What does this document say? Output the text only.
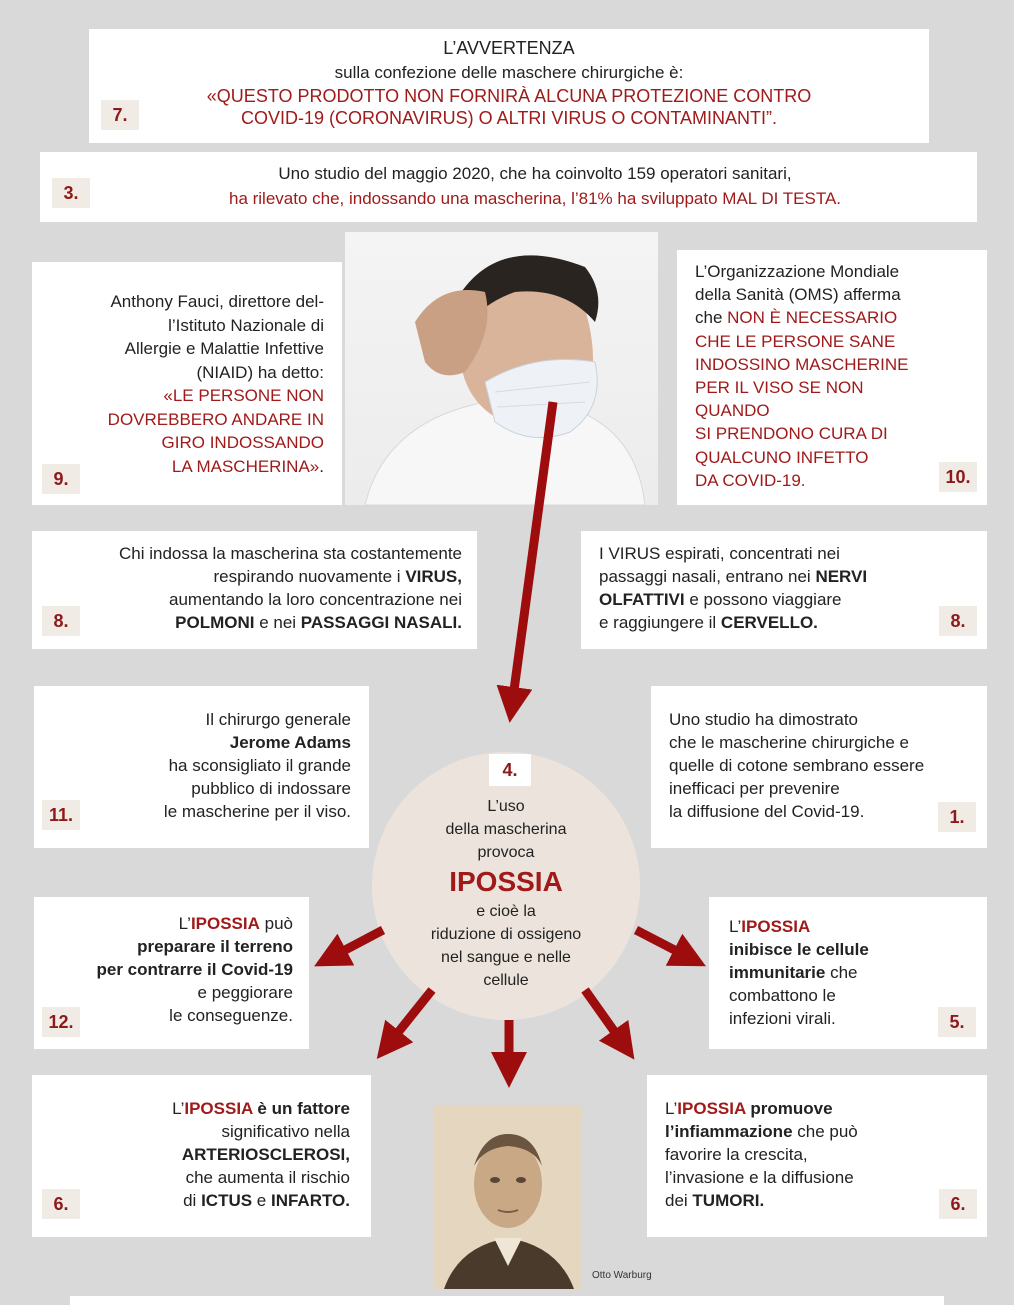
L’AVVERTENZA
sulla confezione delle maschere chirurgiche è:
«QUESTO PRODOTTO NON FORNIRÀ ALCUNA PROTEZIONE CONTRO
COVID-19 (CORONAVIRUS) O ALTRI VIRUS O CONTAMINANTI”.
7.
Uno studio del maggio 2020, che ha coinvolto 159 operatori sanitari,
ha rilevato che, indossando una mascherina, l’81% ha sviluppato MAL DI TESTA.
3.
Anthony Fauci, direttore del-
l’Istituto Nazionale di
Allergie e Malattie Infettive
(NIAID) ha detto:
«LE PERSONE NON
DOVREBBERO ANDARE IN
GIRO INDOSSANDO
LA MASCHERINA».
9.
L’Organizzazione Mondiale
della Sanità (OMS) afferma
che NON È NECESSARIO
CHE LE PERSONE SANE
INDOSSINO MASCHERINE
PER IL VISO SE NON
QUANDO
SI PRENDONO CURA DI
QUALCUNO INFETTO
DA COVID-19.	10.
Chi indossa la mascherina sta costantemente
respirando nuovamente i VIRUS,
aumentando la loro concentrazione nei
POLMONI e nei PASSAGGI NASALI.
8.
I VIRUS espirati, concentrati nei
passaggi nasali, entrano nei NERVI
OLFATTIVI e possono viaggiare
e raggiungere il CERVELLO.	8.
Il chirurgo generale
Jerome Adams
ha sconsigliato il grande
pubblico di indossare
le mascherine per il viso.
11.
Uno studio ha dimostrato
che le mascherine chirurgiche e
quelle di cotone sembrano essere
inefficaci per prevenire
la diffusione del Covid-19.	1.
L’uso
della mascherina
provoca
IPOSSIA
e cioè la
riduzione di ossigeno
nel sangue e nelle
cellule
4.
L’IPOSSIA può
preparare il terreno
per contrarre il Covid-19
e peggiorare
le conseguenze.
12.
L’IPOSSIA
inibisce le cellule
immunitarie che
combattono le
infezioni virali.	5.
L’IPOSSIA è un fattore
significativo nella
ARTERIOSCLEROSI,
che aumenta il rischio
di ICTUS e INFARTO.
6.
L’IPOSSIA promuove
l’infiammazione che può
favorire la crescita,
l’invasione e la diffusione
dei TUMORI.	6.
Otto Warburg
